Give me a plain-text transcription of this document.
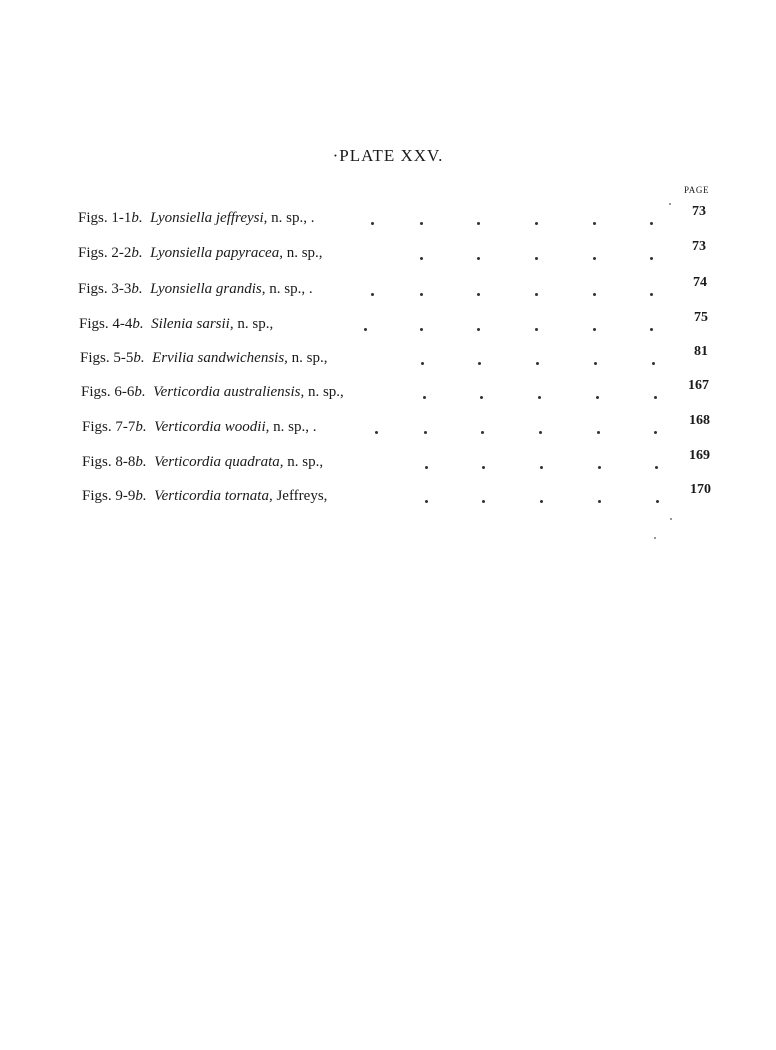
·PLATE XXV.
PAGE
Figs. 1-1b. Lyonsiella jeffreysi, n. sp., .	73
Figs. 2-2b. Lyonsiella papyracea, n. sp.,	73
Figs. 3-3b. Lyonsiella grandis, n. sp., .	74
Figs. 4-4b. Silenia sarsii, n. sp.,	75
Figs. 5-5b. Ervilia sandwichensis, n. sp.,	81
Figs. 6-6b. Verticordia australiensis, n. sp.,	167
Figs. 7-7b. Verticordia woodii, n. sp., .	168
Figs. 8-8b. Verticordia quadrata, n. sp.,	169
Figs. 9-9b. Verticordia tornata, Jeffreys,	170
